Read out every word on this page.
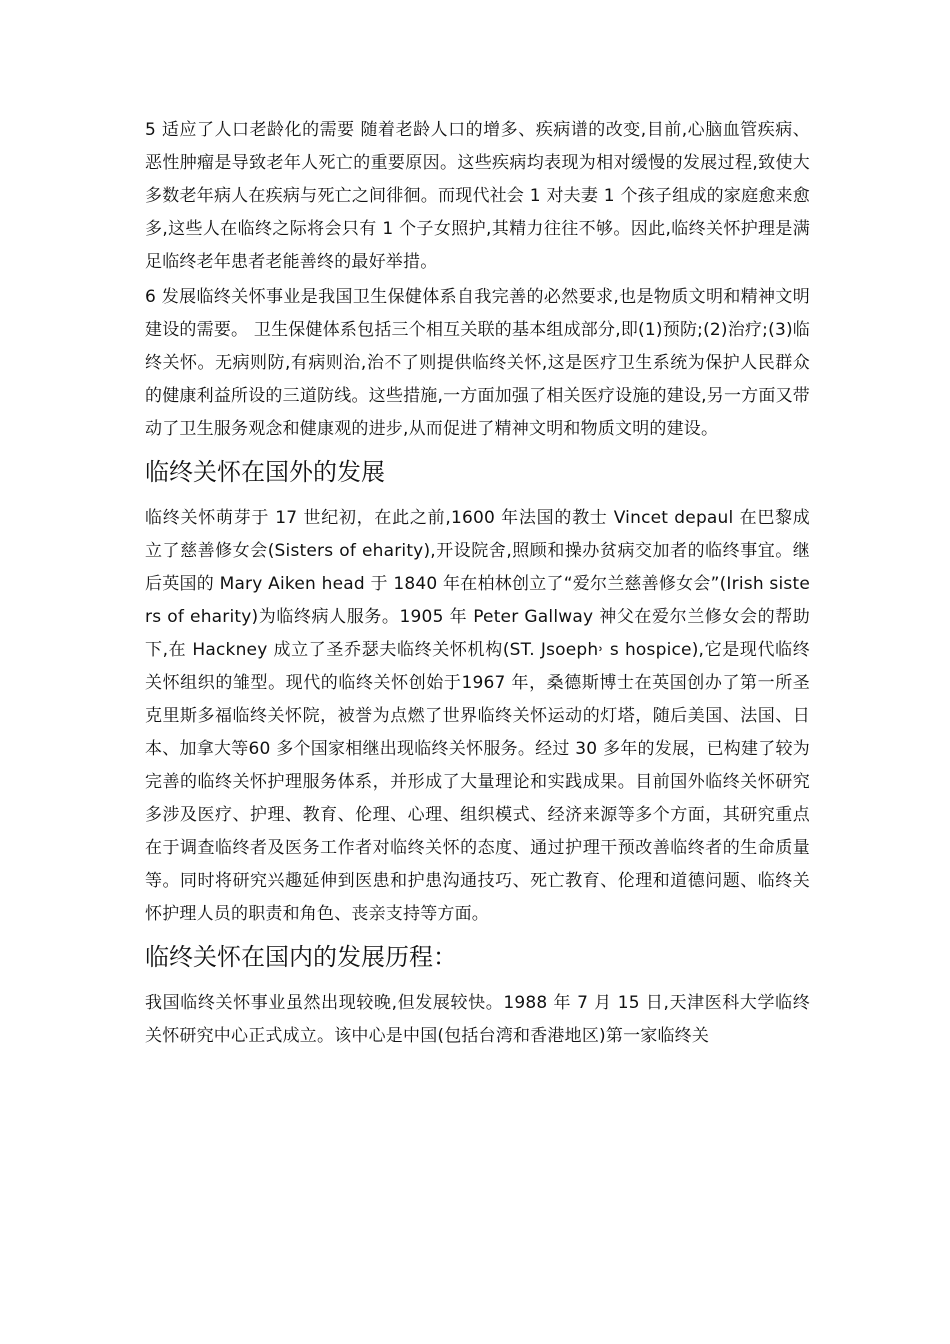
5 适应了人口老龄化的需要 随着老龄人口的增多、疾病谱的改变,目前,心脑血管疾病、恶性肿瘤是导致老年人死亡的重要原因。这些疾病均表现为相对缓慢的发展过程,致使大多数老年病人在疾病与死亡之间徘徊。而现代社会 1 对夫妻 1 个孩子组成的家庭愈来愈多,这些人在临终之际将会只有 1 个子女照护,其精力往往不够。因此,临终关怀护理是满足临终老年患者老能善终的最好举措。

6 发展临终关怀事业是我国卫生保健体系自我完善的必然要求,也是物质文明和精神文明建设的需要。 卫生保健体系包括三个相互关联的基本组成部分,即(1)预防;(2)治疗;(3)临终关怀。无病则防,有病则治,治不了则提供临终关怀,这是医疗卫生系统为保护人民群众的健康利益所设的三道防线。这些措施,一方面加强了相关医疗设施的建设,另一方面又带动了卫生服务观念和健康观的进步,从而促进了精神文明和物质文明的建设。

临终关怀在国外的发展

临终关怀萌芽于 17 世纪初，在此之前,1600 年法国的教士 Vincet depaul 在巴黎成立了慈善修女会(Sisters of eharity),开设院舍,照顾和操办贫病交加者的临终事宜。继后英国的 Mary Aiken head 于 1840 年在柏林创立了“爱尔兰慈善修女会”(Irish sisters of eharity)为临终病人服务。1905 年 Peter Gallway 神父在爱尔兰修女会的帮助下,在 Hackney 成立了圣乔瑟夫临终关怀机构(ST. Jsoeph˒ s hospice),它是现代临终关怀组织的雏型。现代的临终关怀创始于1967 年，桑德斯博士在英国创办了第一所圣克里斯多福临终关怀院，被誉为点燃了世界临终关怀运动的灯塔，随后美国、法国、日本、加拿大等60 多个国家相继出现临终关怀服务。经过 30 多年的发展，已构建了较为完善的临终关怀护理服务体系，并形成了大量理论和实践成果。目前国外临终关怀研究多涉及医疗、护理、教育、伦理、心理、组织模式、经济来源等多个方面，其研究重点在于调查临终者及医务工作者对临终关怀的态度、通过护理干预改善临终者的生命质量等。同时将研究兴趣延伸到医患和护患沟通技巧、死亡教育、伦理和道德问题、临终关怀护理人员的职责和角色、丧亲支持等方面。

临终关怀在国内的发展历程：

我国临终关怀事业虽然出现较晚,但发展较快。1988 年 7 月 15 日,天津医科大学临终关怀研究中心正式成立。该中心是中国(包括台湾和香港地区)第一家临终关
